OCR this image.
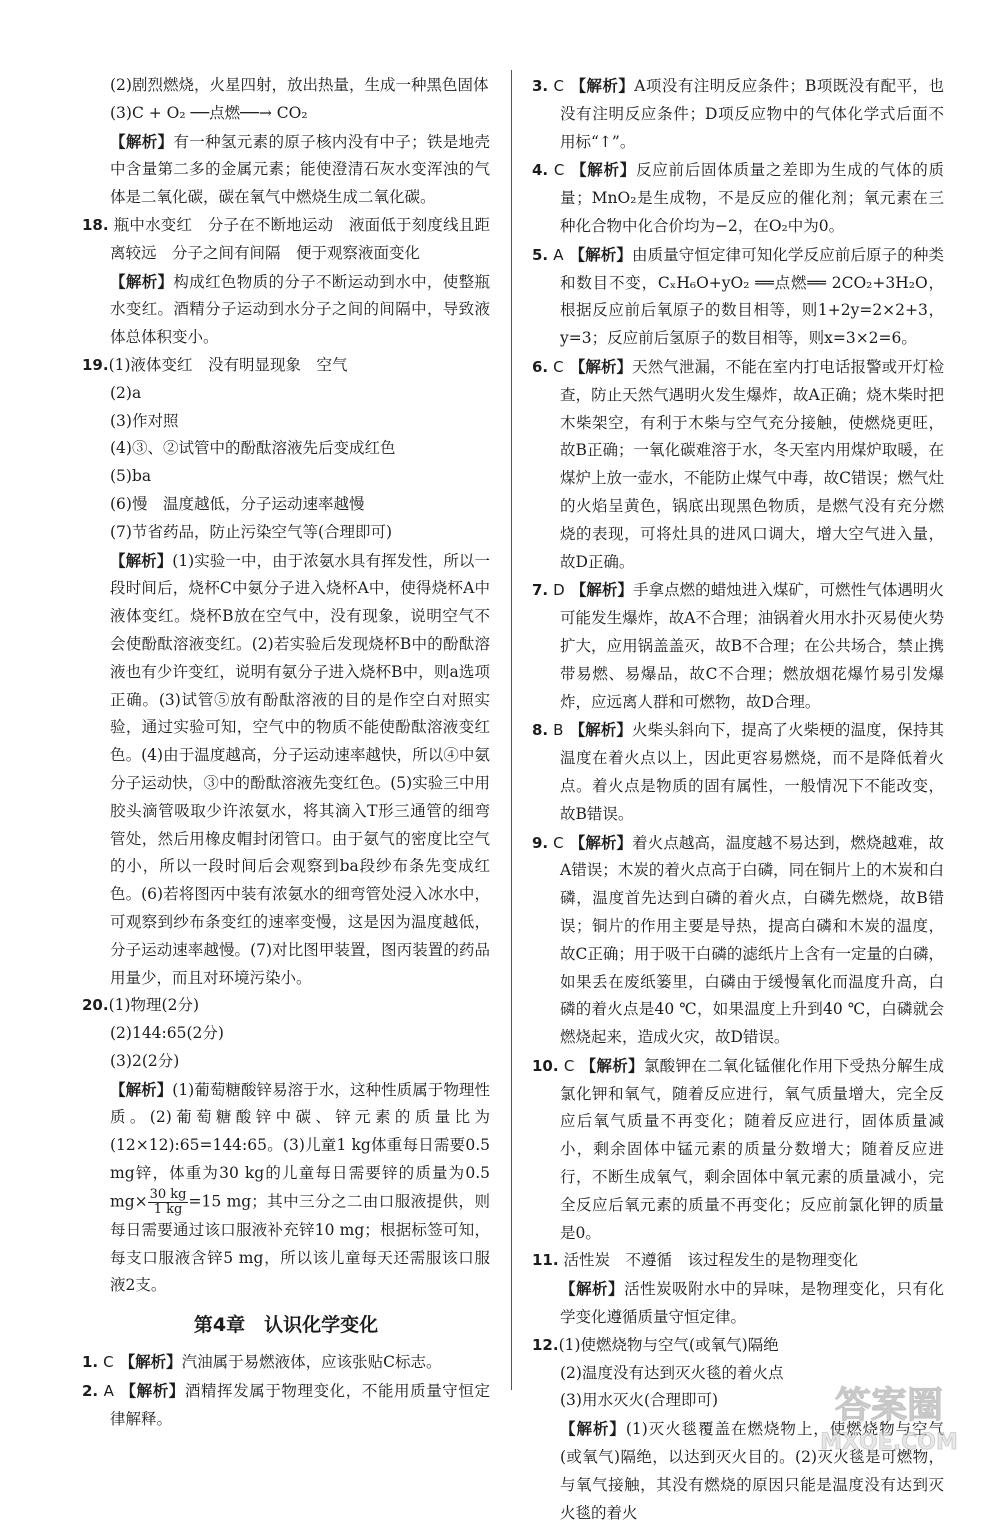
(2)剧烈燃烧，火星四射，放出热量，生成一种黑色固体

(3)C + O₂ ──点燃──→ CO₂

【解析】有一种氢元素的原子核内没有中子；铁是地壳中含量第二多的金属元素；能使澄清石灰水变浑浊的气体是二氧化碳，碳在氧气中燃烧生成二氧化碳。

18. 瓶中水变红　分子在不断地运动　液面低于刻度线且距离较远　分子之间有间隔　便于观察液面变化

【解析】构成红色物质的分子不断运动到水中，使整瓶水变红。酒精分子运动到水分子之间的间隔中，导致液体总体积变小。

19.(1)液体变红　没有明显现象　空气

(2)a

(3)作对照

(4)③、②试管中的酚酞溶液先后变成红色

(5)ba

(6)慢　温度越低，分子运动速率越慢

(7)节省药品，防止污染空气等(合理即可)

【解析】(1)实验一中，由于浓氨水具有挥发性，所以一段时间后，烧杯C中氨分子进入烧杯A中，使得烧杯A中液体变红。烧杯B放在空气中，没有现象，说明空气不会使酚酞溶液变红。(2)若实验后发现烧杯B中的酚酞溶液也有少许变红，说明有氨分子进入烧杯B中，则a选项正确。(3)试管⑤放有酚酞溶液的目的是作空白对照实验，通过实验可知，空气中的物质不能使酚酞溶液变红色。(4)由于温度越高，分子运动速率越快，所以④中氨分子运动快，③中的酚酞溶液先变红色。(5)实验三中用胶头滴管吸取少许浓氨水，将其滴入T形三通管的细弯管处，然后用橡皮帽封闭管口。由于氨气的密度比空气的小，所以一段时间后会观察到ba段纱布条先变成红色。(6)若将图丙中装有浓氨水的细弯管处浸入冰水中，可观察到纱布条变红的速率变慢，这是因为温度越低，分子运动速率越慢。(7)对比图甲装置，图丙装置的药品用量少，而且对环境污染小。

20.(1)物理(2分)

(2)144:65(2分)

(3)2(2分)

【解析】(1)葡萄糖酸锌易溶于水，这种性质属于物理性质。(2)葡萄糖酸锌中碳、锌元素的质量比为(12×12):65=144:65。(3)儿童1 kg体重每日需要0.5 mg锌，体重为30 kg的儿童每日需要锌的质量为0.5 $mg\times \frac{30 kg}{1 kg} =15$ mg；其中三分之二由口服液提供，则每日需要通过该口服液补充锌10 mg；根据标签可知，每支口服液含锌5 mg，所以该儿童每天还需服该口服液2支。

第4章　认识化学变化

1. C 【解析】汽油属于易燃液体，应该张贴C标志。

2. A 【解析】酒精挥发属于物理变化，不能用质量守恒定律解释。

3. C 【解析】A项没有注明反应条件；B项既没有配平，也没有注明反应条件；D项反应物中的气体化学式后面不用标“↑”。

4. C 【解析】反应前后固体质量之差即为生成的气体的质量；MnO₂是生成物，不是反应的催化剂；氧元素在三种化合物中化合价均为−2，在O₂中为0。

5. A 【解析】由质量守恒定律可知化学反应前后原子的种类和数目不变，CₓH₆O+yO₂ ══点燃══ 2CO₂+3H₂O，根据反应前后氧原子的数目相等，则1+2y=2×2+3，y=3；反应前后氢原子的数目相等，则x=3×2=6。

6. C 【解析】天然气泄漏，不能在室内打电话报警或开灯检查，防止天然气遇明火发生爆炸，故A正确；烧木柴时把木柴架空，有利于木柴与空气充分接触，使燃烧更旺，故B正确；一氧化碳难溶于水，冬天室内用煤炉取暖，在煤炉上放一壶水，不能防止煤气中毒，故C错误；燃气灶的火焰呈黄色，锅底出现黑色物质，是燃气没有充分燃烧的表现，可将灶具的进风口调大，增大空气进入量，故D正确。

7. D 【解析】手拿点燃的蜡烛进入煤矿，可燃性气体遇明火可能发生爆炸，故A不合理；油锅着火用水扑灭易使火势扩大，应用锅盖盖灭，故B不合理；在公共场合，禁止携带易燃、易爆品，故C不合理；燃放烟花爆竹易引发爆炸，应远离人群和可燃物，故D合理。

8. B 【解析】火柴头斜向下，提高了火柴梗的温度，保持其温度在着火点以上，因此更容易燃烧，而不是降低着火点。着火点是物质的固有属性，一般情况下不能改变，故B错误。

9. C 【解析】着火点越高，温度越不易达到，燃烧越难，故A错误；木炭的着火点高于白磷，同在铜片上的木炭和白磷，温度首先达到白磷的着火点，白磷先燃烧，故B错误；铜片的作用主要是导热，提高白磷和木炭的温度，故C正确；用于吸干白磷的滤纸片上含有一定量的白磷，如果丢在废纸篓里，白磷由于缓慢氧化而温度升高，白磷的着火点是40 ℃，如果温度上升到40 ℃，白磷就会燃烧起来，造成火灾，故D错误。

10. C 【解析】氯酸钾在二氧化锰催化作用下受热分解生成氯化钾和氧气，随着反应进行，氧气质量增大，完全反应后氧气质量不再变化；随着反应进行，固体质量减小，剩余固体中锰元素的质量分数增大；随着反应进行，不断生成氧气，剩余固体中氧元素的质量减小，完全反应后氧元素的质量不再变化；反应前氯化钾的质量是0。

11. 活性炭　不遵循　该过程发生的是物理变化

【解析】活性炭吸附水中的异味，是物理变化，只有化学变化遵循质量守恒定律。

12.(1)使燃烧物与空气(或氧气)隔绝

(2)温度没有达到灭火毯的着火点

(3)用水灭火(合理即可)

【解析】(1)灭火毯覆盖在燃烧物上，使燃烧物与空气(或氧气)隔绝，以达到灭火目的。(2)灭火毯是可燃物，与氧气接触，其没有燃烧的原因只能是温度没有达到灭火毯的着火

答案圈
MXQE.COM
